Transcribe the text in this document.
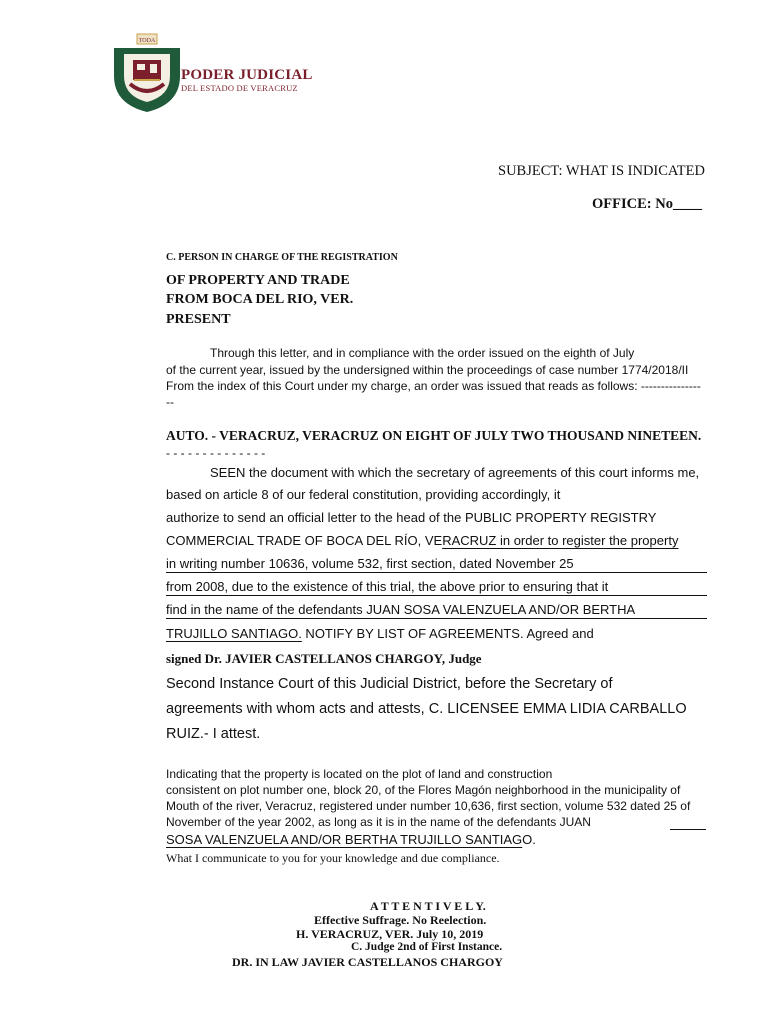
TODA
PODER JUDICIAL
DEL ESTADO DE VERACRUZ
SUBJECT: WHAT IS INDICATED
OFFICE: No____
C. PERSON IN CHARGE OF THE REGISTRATION
OF PROPERTY AND TRADE
FROM BOCA DEL RIO, VER.
PRESENT
Through this letter, and in compliance with the order issued on the eighth of July
of the current year, issued by the undersigned within the proceedings of case number 1774/2018/II
From the index of this Court under my charge, an order was issued that reads as follows: ---------------
--
AUTO. - VERACRUZ, VERACRUZ ON EIGHT OF JULY TWO THOUSAND NINETEEN.
- - - - - - - - - - - - - -
SEEN the document with which the secretary of agreements of this court informs me,
based on article 8 of our federal constitution, providing accordingly, it
authorize to send an official letter to the head of the PUBLIC PROPERTY REGISTRY
COMMERCIAL TRADE OF BOCA DEL RÍO, VERACRUZ in order to register the property
in writing number 10636, volume 532, first section, dated November 25
from 2008, due to the existence of this trial, the above prior to ensuring that it
find in the name of the defendants JUAN SOSA VALENZUELA AND/OR BERTHA
TRUJILLO SANTIAGO. NOTIFY BY LIST OF AGREEMENTS. Agreed and
signed Dr. JAVIER CASTELLANOS CHARGOY, Judge
Second Instance Court of this Judicial District, before the Secretary of
agreements with whom acts and attests, C. LICENSEE EMMA LIDIA CARBALLO
RUIZ.- I attest.
Indicating that the property is located on the plot of land and construction
consistent on plot number one, block 20, of the Flores Magón neighborhood in the municipality of
Mouth of the river, Veracruz, registered under number 10,636, first section, volume 532 dated 25 of
November of the year 2002, as long as it is in the name of the defendants JUAN
SOSA VALENZUELA AND/OR BERTHA TRUJILLO SANTIAGO.
What I communicate to you for your knowledge and due compliance.
A T T E N T I V E L Y.
Effective Suffrage. No Reelection.
H. VERACRUZ, VER. July 10, 2019
C. Judge 2nd of First Instance.
DR. IN LAW JAVIER CASTELLANOS CHARGOY
